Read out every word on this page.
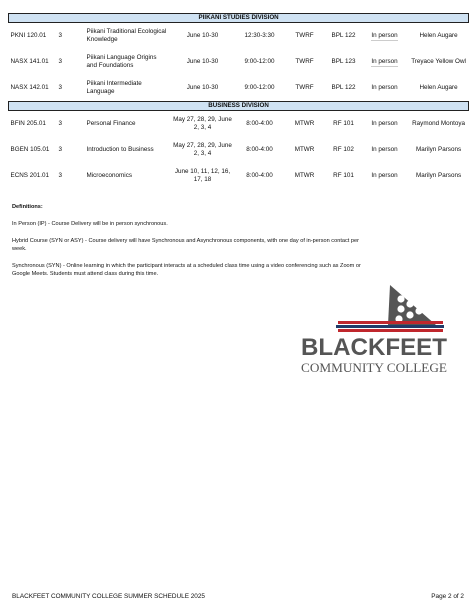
PIIKANI STUDIES DIVISION								
PKNI 120.01	3	Piikani Traditional Ecological Knowledge	June 10-30	12:30-3:30	TWRF	BPL 122	In person	Helen Augare
NASX 141.01	3	Piikani Language Origins and Foundations	June 10-30	9:00-12:00	TWRF	BPL 123	In person	Treyace Yellow Owl
NASX 142.01	3	Piikani Intermediate Language	June 10-30	9:00-12:00	TWRF	BPL 122	In person	Helen Augare
BUSINESS DIVISION								
BFIN 205.01	3	Personal Finance	May 27, 28, 29, June 2, 3, 4	8:00-4:00	MTWR	RF 101	In person	Raymond Montoya
BGEN 105.01	3	Introduction to Business	May 27, 28, 29, June 2, 3, 4	8:00-4:00	MTWR	RF 102	In person	Marilyn Parsons
ECNS 201.01	3	Microeconomics	June 10, 11, 12, 16, 17, 18	8:00-4:00	MTWR	RF 101	In person	Marilyn Parsons

Definitions:

In Person (IP) - Course Delivery will be in person synchronous.

Hybrid Course (SYN or ASY) - Course delivery will have Synchronous and Asynchronous components, with one day of in-person contact per week.

Synchronous (SYN) - Online learning in which the participant interacts at a scheduled class time using a video conferencing such as Zoom or Google Meets. Students must attend class during this time.

BLACKFEET
COMMUNITY COLLEGE
BLACKFEET COMMUNITY COLLEGE SUMMER SCHEDULE 2025	Page 2 of 2
